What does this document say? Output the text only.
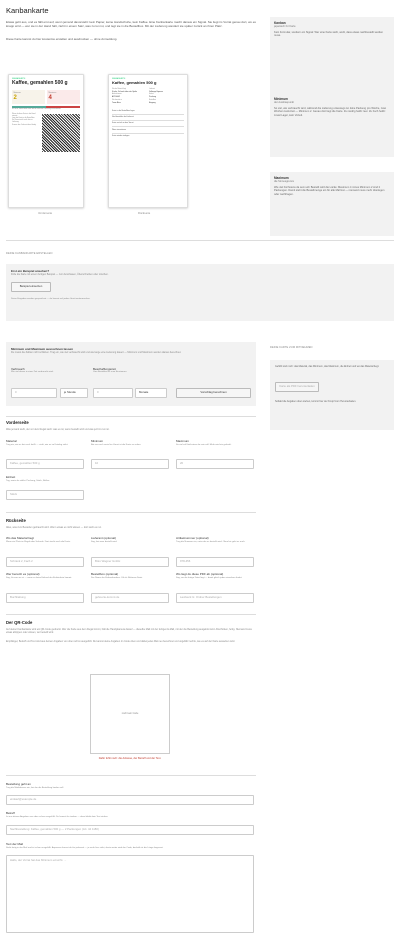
Kanbankarte

Etwas geht aus, und es fällt erst auf, wenn jemand davorsteht: kein Papier, keine Handschuhe, kein Kaffee. Eine Kanbankarte macht daraus ein Signal. Sie liegt im Vorrat genau dort, wo es knapp wird — wer sie in der Hand hält, zieht in einem Satz, was zu tun ist, und legt sie in die Bestellbox. Mit der Lieferung wandert sie später zurück an ihren Platz.

Diese Karte kannst du hier kostenlos erstellen und ausdrucken — ohne Anmeldung.

Kanban
japanisch für Karte
Kein Formular, sondern ein Signal: Wer eine Karte sieht, weiß, dass etwas nachbestellt werden muss.
Minimum
der Auslösepunkt
So viel, wie verbraucht wird, während die Lieferung unterwegs ist. Eine Packung pro Woche, zwei Wochen Lieferzeit — Minimum 2. Genau dort liegt die Karte. Zu niedrig heißt: leer. Zu hoch heißt: zuviel Lager, kein Vorteil.
Maximum
die Sinnesgrenze
Wie viel höchstens da sein soll. Bestellt wird die Lücke: Maximum 4 minus Minimum 2 sind 2 Packungen. Damit steht die Bestellmenge ein für alle Mal fest — niemand muss mehr überlegen oder nachfragen.
KANBANKARTE
Kaffee, gemahlen 500 g
Minimum
2
Maximum
4
Es reicht, wenn diese Karte bei der nächsten Lieferung zurückkommt.
Wenn du diese Karte in die Hand nimmst:
Lege die Karte in die Bestellbox.
Der Vorrat reicht noch bis zur Lieferung.
Scanne den Code mit dem Handy.
Vorderseite
KANBANKARTE
Kaffee, gemahlen 500 g
Wo das Material liegt
Küche, Schrank über der Spüle
Lieferant
Dallmayr Express
Artikelnummer
ART-0042
Einheit
Packung
Wer benutzt es
Team Büro
Bestellbox
Eingang
Karte in die Bestellbox legen
Nachbestellen bei Lieferant
Karte zurück an den Vorrat
Ware einsortieren
Karte wieder einlegen
Rückseite
DEINE KANBANKARTE ERSTELLEN
Erst ein Beispiel ansehen?
Fülle die Karte mit einem fertigen Beispiel — zum Anschauen, Überschreiben oder Löschen.
Beispiel einsetzen
Deine Eingaben werden gespeichert — du kannst auf jedem Gerät weitermachen.
Minimum und Maximum ausrechnen lassen
Du musst die Zahlen nicht schätzen. Trag ein, wie viel verbraucht wird und wie lange eine Lieferung dauert — Minimum und Maximum werden daraus berechnet.
Verbrauch
Wie viel davon in einer Zeit verbraucht wird.
0	je Stunde
Beschaffungszeit
Vom Bestellen bis zum Einräumen.
0	Monate	Vorschlag berechnen
DEINE KARTE ZUM MITNEHMEN
Gefüllt sind noch: das Material, das Minimum, das Maximum, die Einheit und wo das Material liegt.
Karte als PDF herunterladen
Sobald die Angaben oben stehen, kommt hier der Knopf zum Herunterladen.
Vorderseite
Was jemand sieht, der vor dem Regal steht: was es ist, wann bestellt wird und was jetzt zu tun ist.
Material
Trag ein, wie es bei euch heißt — nicht, wie es im Katalog steht.
Kaffee, gemahlen 500 g
Minimum
Bei nur noch soviel im Vorrat ist die Karte zu sehen.
10
Maximum
So viel soll höchstens da sein soll. Mehr wird nie gekauft.
20
Einheit
Tag, worin du zählst: Packung, Stück, Rollen.
Stück
Rückseite
Alles, was zum Bestellen gebraucht wird. Wenn etwas es nicht wissen — dort steht es nur.
Wo das Material liegt
Wenn ein Platz im Regal oder Schrank. Dort steckt auch die Karte.
Schrank 2, Fach 2
Lieferant (optional)
Sag, bei wem bestellt wird.
Büro Wagner GmbH
Artikelnummer (optional)
Trag die Nummer ein, unter der es bestellt wird. Ohne bis geht es auch.
978-456
Wer benutzt es (optional)
Sag, für wen es ist — wenn es beim Einkauf der Einkäuferin kommt.
Buchhaltung
Bestellbox (optional)
Der Name der Einbaukombox. Oft als Rahmen-Datei.
gehoerte-kommt.de
Wo liegt du diese PDF ab (optional)
Sag, wo die fertige Datei liegt — damit gleich jeden einzelnen findet.
Laufwerk G: Ordner Bestellungen
Der QR-Code
Auf deiner Kanbankarte wird ein QR-Code gedruckt. Wer die Karte aus dem Regal nimmt, hält die Handykamera darauf — dieselbe Mail mit der fertigen E-Mail, mit der die Bestellung ausgelöst wird. Abschicken, fertig. Niemand muss etwas abtippen oder wissen, wo bestellt wird.
Empfänger, Betreff und Text sind aus deinen Angaben von oben schon ausgefüllt. Du kannst deine Angaben im Code oben und dabei jedes Mal neu berechnet und ungefähr rechts, wie es auf der Karte aussehen wird.
noch kein Code
Dafür fehlt noch: die Adresse, der Betreff und der Text.
Bestellung geht an
Trag die Mailadresse ein, bei der die Bestellung landen soll.
einkauf@example.de
Betreff
Ist aus deinen Angaben von oben schon ausgefüllt. Du kannst ihn ändern — dann bleibt dein Text stehen.
Nachbestellung: Kaffee, gemahlen 500 g — 2 Packungen (Art. 44 1180)
Text der Mail
Steht fertig in der Mail und ist schon ausgefüllt. Anpassen kannst du ihn jederzeit — je mehr hier steht, desto weiter wird der Code; deshalb ist die Länge begrenzt.
Hallo, der Vorrat hat das Minimum erreicht. ...
